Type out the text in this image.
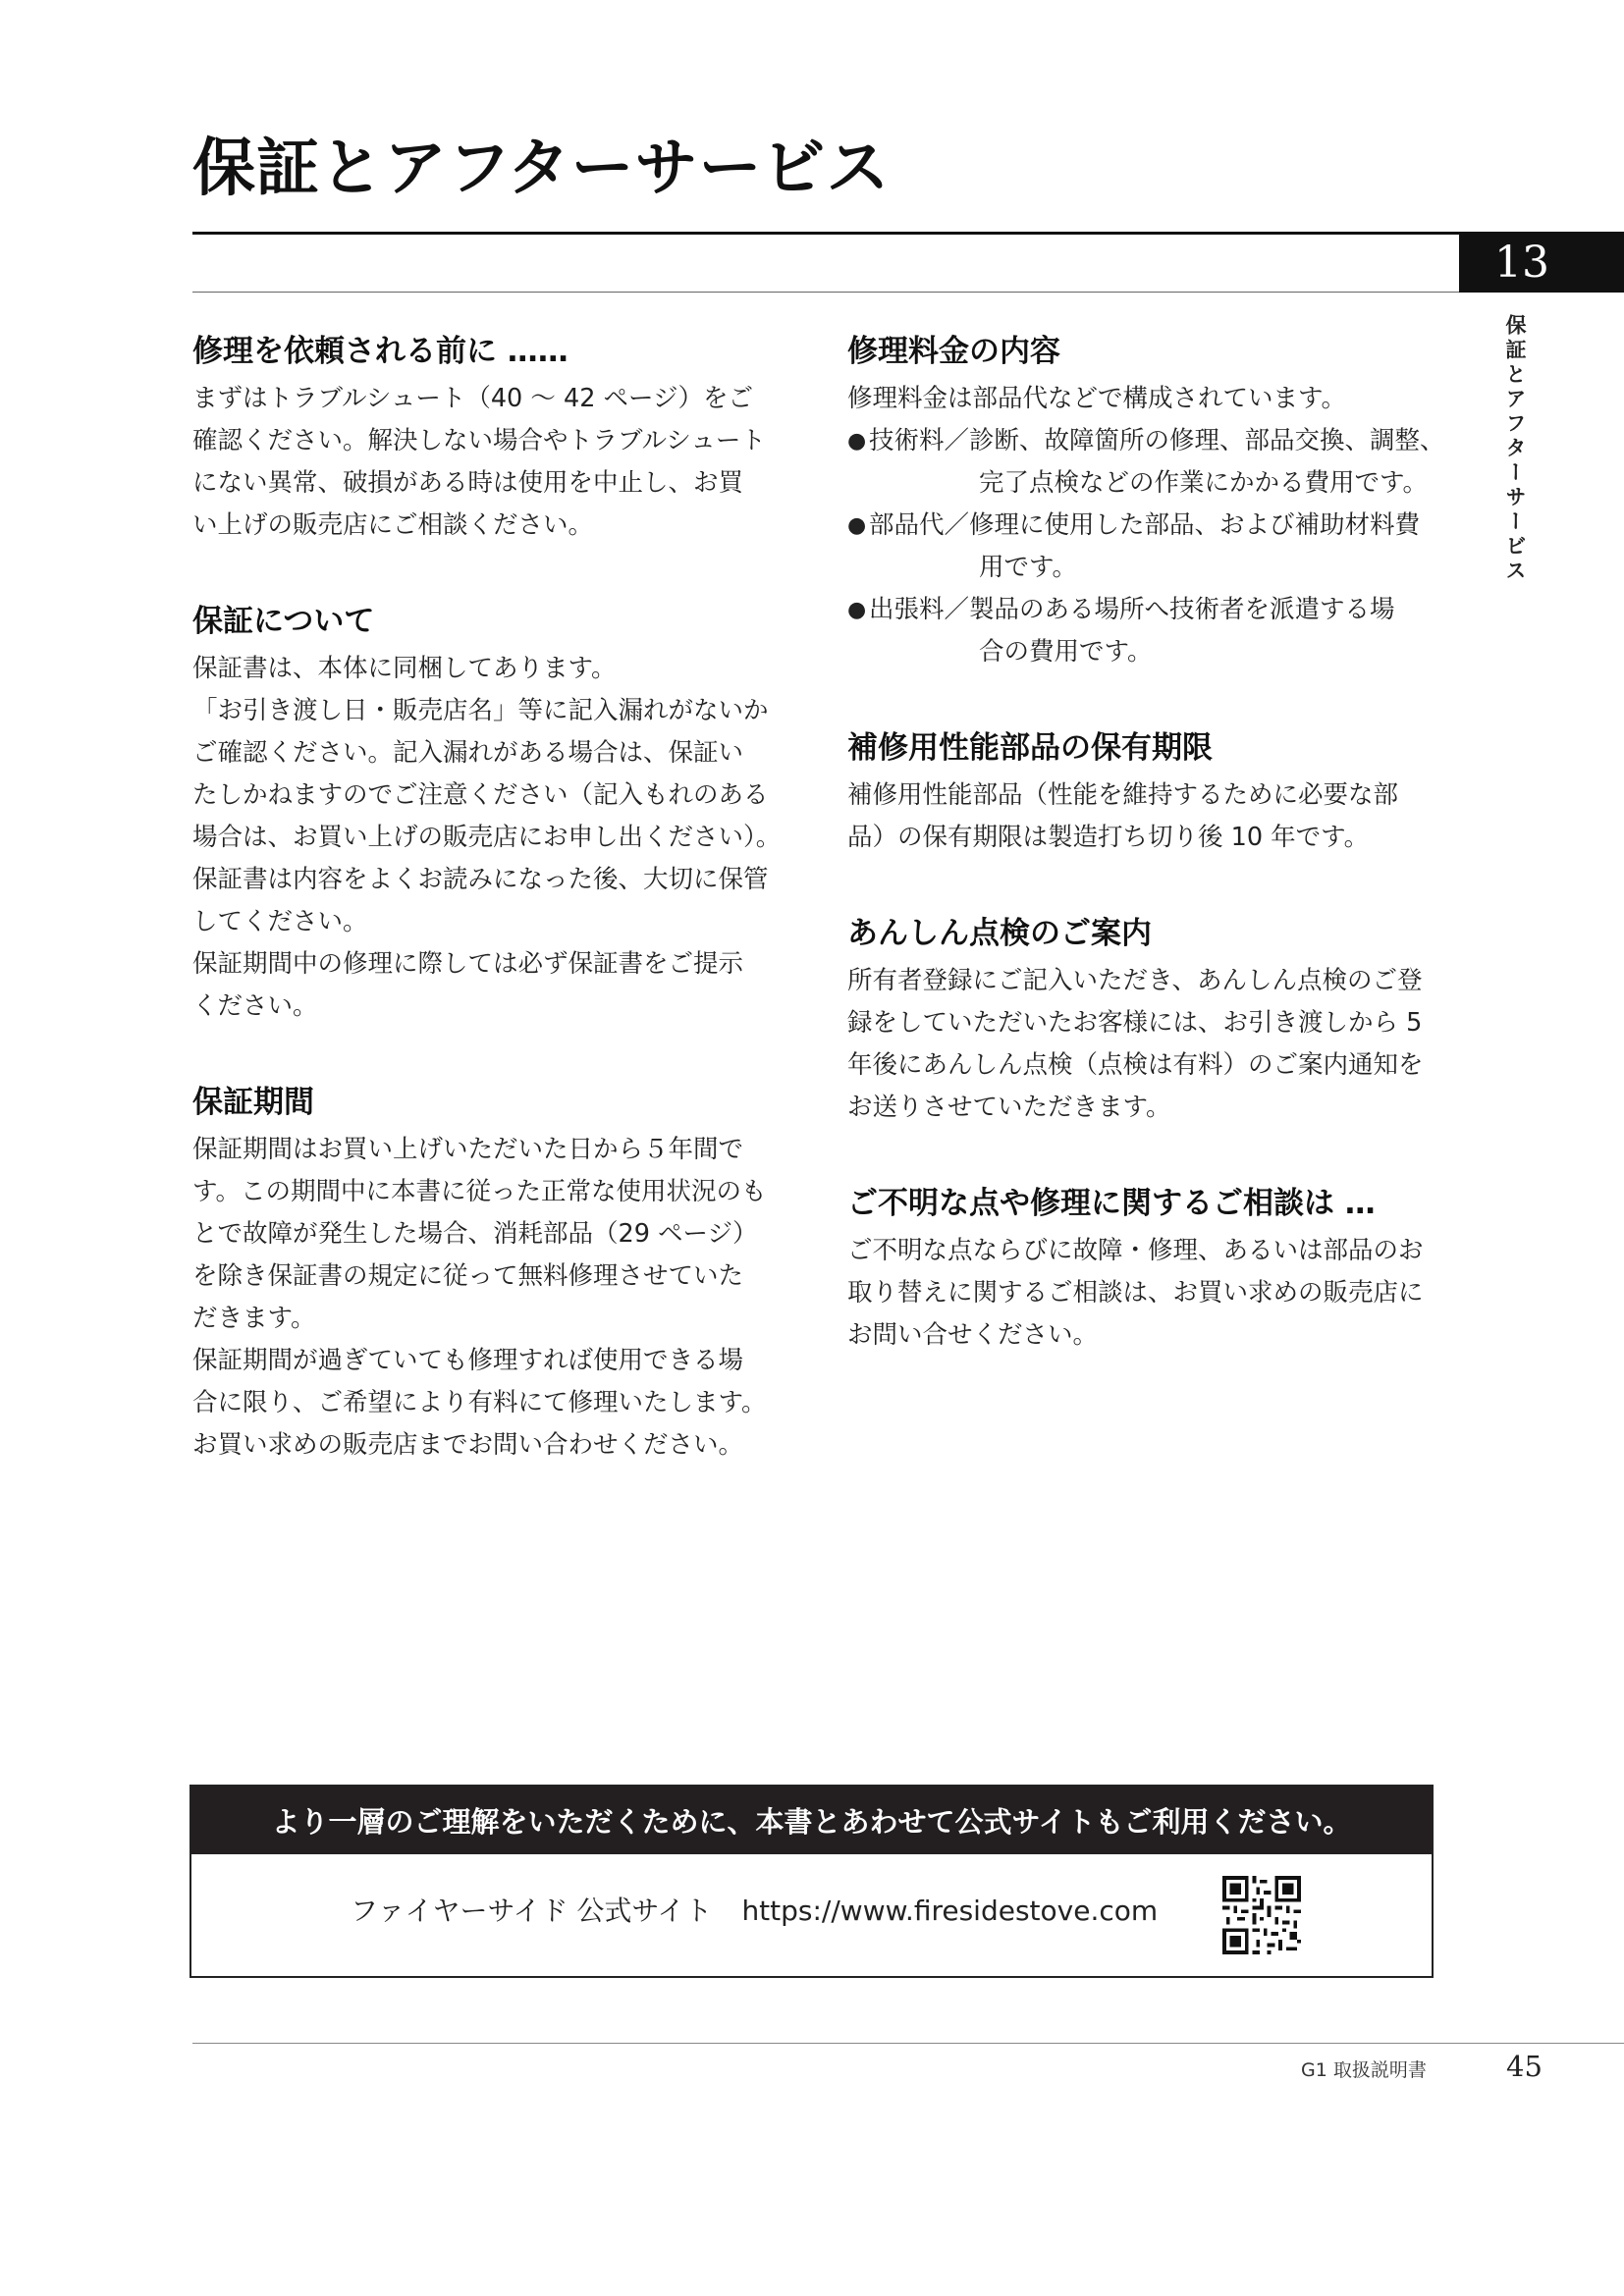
保証とアフターサービス
13
保証とアフターサービス
修理を依頼される前に ……

まずはトラブルシュート（40 ～ 42 ページ）をご

確認ください。解決しない場合やトラブルシュート

にない異常、破損がある時は使用を中止し、お買

い上げの販売店にご相談ください。

保証について

保証書は、本体に同梱してあります。

「お引き渡し日・販売店名」等に記入漏れがないか

ご確認ください。記入漏れがある場合は、保証い

たしかねますのでご注意ください（記入もれのある

場合は、お買い上げの販売店にお申し出ください）。

保証書は内容をよくお読みになった後、大切に保管

してください。

保証期間中の修理に際しては必ず保証書をご提示

ください。

保証期間

保証期間はお買い上げいただいた日から５年間で

す。この期間中に本書に従った正常な使用状況のも

とで故障が発生した場合、消耗部品（29 ページ）

を除き保証書の規定に従って無料修理させていた

だきます。

保証期間が過ぎていても修理すれば使用できる場

合に限り、ご希望により有料にて修理いたします。

お買い求めの販売店までお問い合わせください。

修理料金の内容

修理料金は部品代などで構成されています。

● 技術料／診断、故障箇所の修理、部品交換、調整、
完了点検などの作業にかかる費用です。
● 部品代／修理に使用した部品、および補助材料費
用です。
● 出張料／製品のある場所へ技術者を派遣する場
合の費用です。
補修用性能部品の保有期限

補修用性能部品（性能を維持するために必要な部

品）の保有期限は製造打ち切り後 10 年です。

あんしん点検のご案内

所有者登録にご記入いただき、あんしん点検のご登

録をしていただいたお客様には、お引き渡しから 5

年後にあんしん点検（点検は有料）のご案内通知を

お送りさせていただきます。

ご不明な点や修理に関するご相談は …

ご不明な点ならびに故障・修理、あるいは部品のお

取り替えに関するご相談は、お買い求めの販売店に

お問い合せください。

より一層のご理解をいただくために、本書とあわせて公式サイトもご利用ください。
ファイヤーサイド 公式サイト https://www.firesidestove.com
G1 取扱説明書	45
